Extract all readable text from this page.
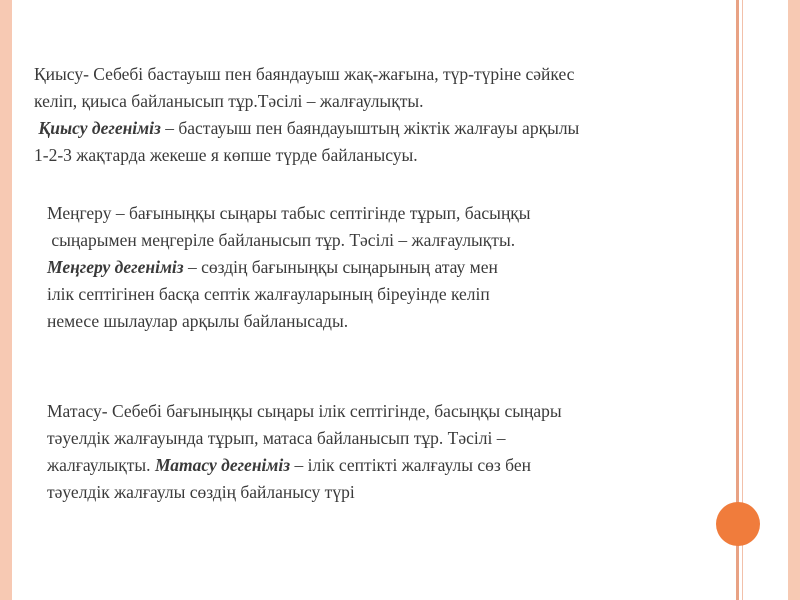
Қиысу- Себебі бастауыш пен баяндауыш жақ-жағына, түр-түріне сәйкес
келіп, қиыса байланысып тұр.Тәсілі – жалғаулықты.
Қиысу дегеніміз – бастауыш пен баяндауыштың жіктік жалғауы арқылы
1-2-3 жақтарда жекеше я көпше түрде байланысуы.
Меңгеру – бағыныңқы сыңары табыс септігінде тұрып, басыңқы
сыңарымен меңгеріле байланысып тұр. Тәсілі – жалғаулықты.
Меңгеру дегеніміз – сөздің бағыныңқы сыңарының атау мен
ілік септігінен басқа септік жалғауларының біреуінде келіп
немесе шылаулар арқылы байланысады.
Матасу- Себебі бағыныңқы сыңары ілік септігінде, басыңқы сыңары
тәуелдік жалғауында тұрып, матаса байланысып тұр. Тәсілі –
жалғаулықты. Матасу дегеніміз – ілік септікті жалғаулы сөз бен
тәуелдік жалғаулы сөздің байланысу түрі
